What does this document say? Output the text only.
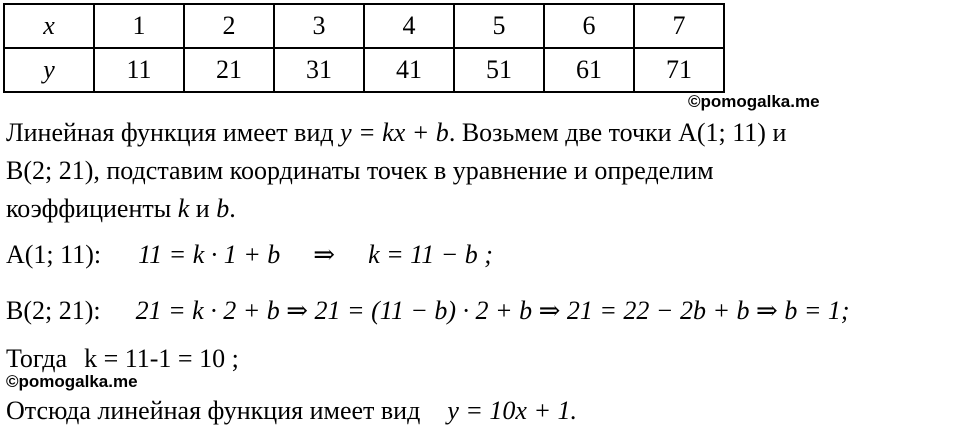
x	1	2	3	4	5	6	7
y	11	21	31	41	51	61	71
©pomogalka.me
Линейная функция имеет вид y = kx + b. Возьмем две точки A(1; 11) и
B(2; 21), подставим координаты точек в уравнение и определим
коэффициенты k и b.
A(1; 11): 11 = k · 1 + b ⇒ k = 11 − b ;
B(2; 21): 21 = k · 2 + b ⇒ 21 = (11 − b) · 2 + b ⇒ 21 = 22 − 2b + b ⇒ b = 1;
Тогда k = 11-1 = 10 ;
©pomogalka.me
Отсюда линейная функция имеет вид y = 10x + 1.
